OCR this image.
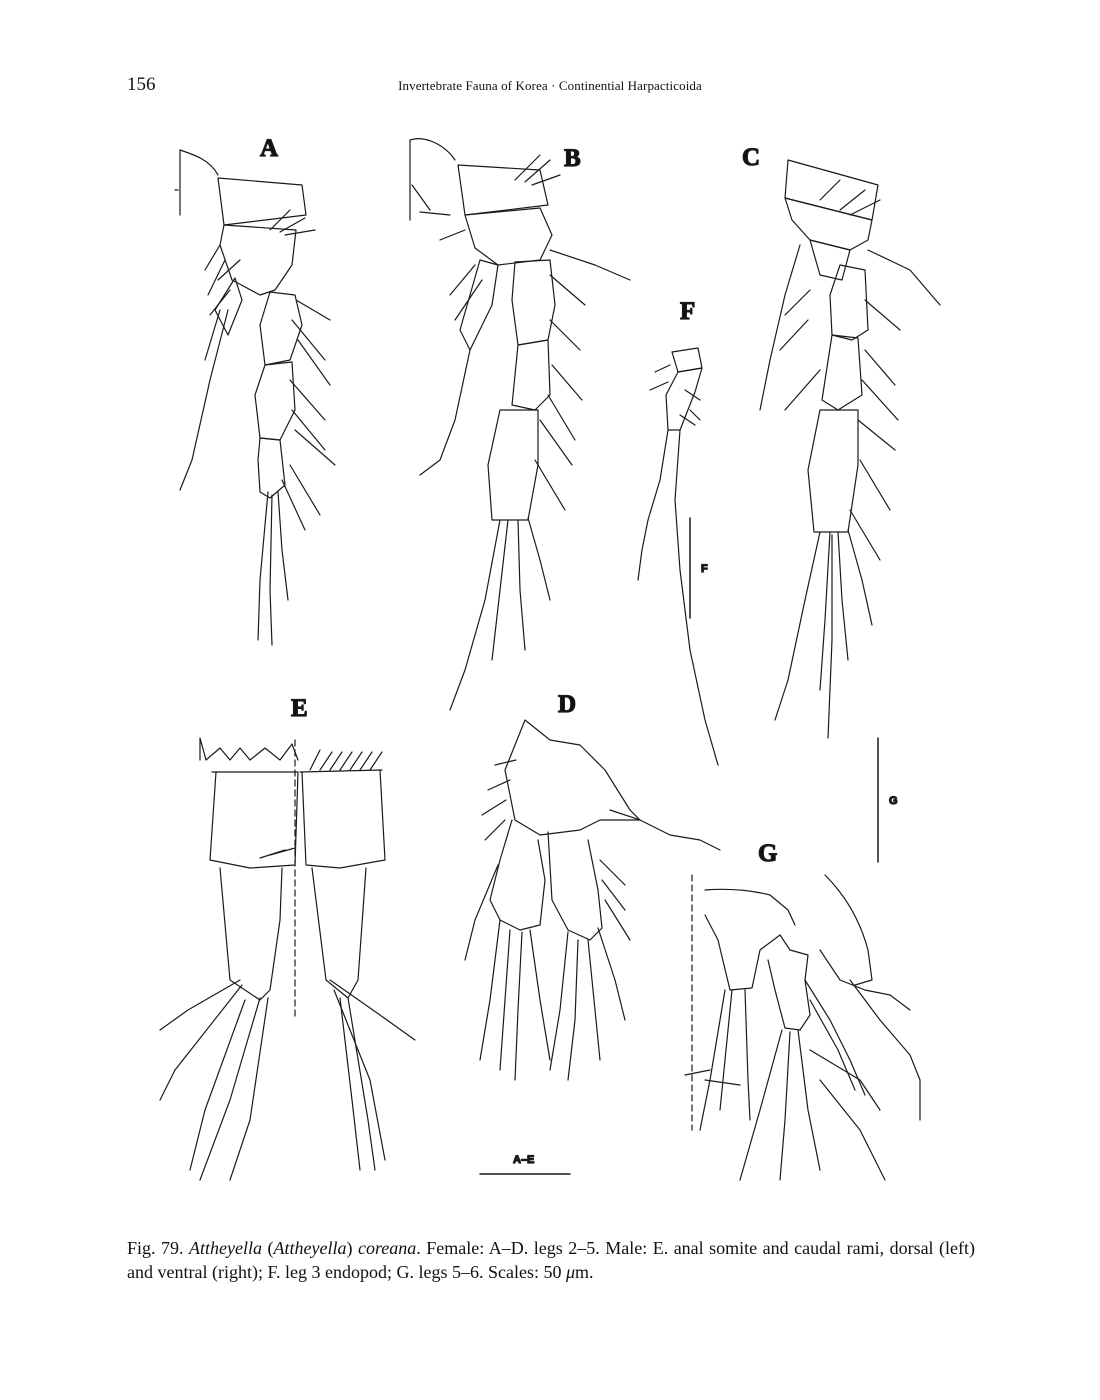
156	Invertebrate Fauna of Korea · Continential Harpacticoida
A	B	C
F
F
E	D
G
G
A–E
Fig. 79. Attheyella (Attheyella) coreana. Female: A–D. legs 2–5. Male: E. anal somite and caudal rami, dorsal (left) and ventral (right); F. leg 3 endopod; G. legs 5–6. Scales: 50 μm.
